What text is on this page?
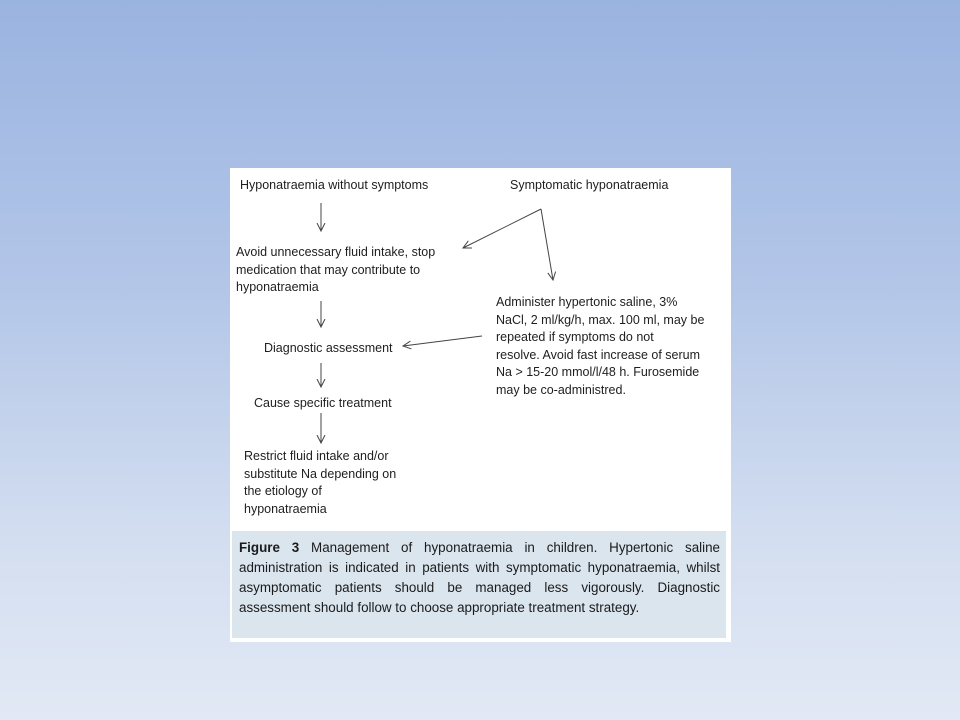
Hyponatraemia without symptoms	Symptomatic hyponatraemia

Avoid unnecessary fluid intake, stop
medication that may contribute to
hyponatraemia

Administer hypertonic saline, 3%
NaCl, 2 ml/kg/h, max. 100 ml, may be
repeated if symptoms do not
resolve. Avoid fast increase of serum
Na > 15-20 mmol/l/48 h. Furosemide
may be co-administred.

Diagnostic assessment

Cause specific treatment

Restrict fluid intake and/or
substitute Na depending on
the etiology of
hyponatraemia

Figure 3 Management of hyponatraemia in children. Hypertonic saline administration is indicated in patients with symptomatic hyponatraemia, whilst asymptomatic patients should be managed less vigorously. Diagnostic assessment should follow to choose appropriate treatment strategy.
